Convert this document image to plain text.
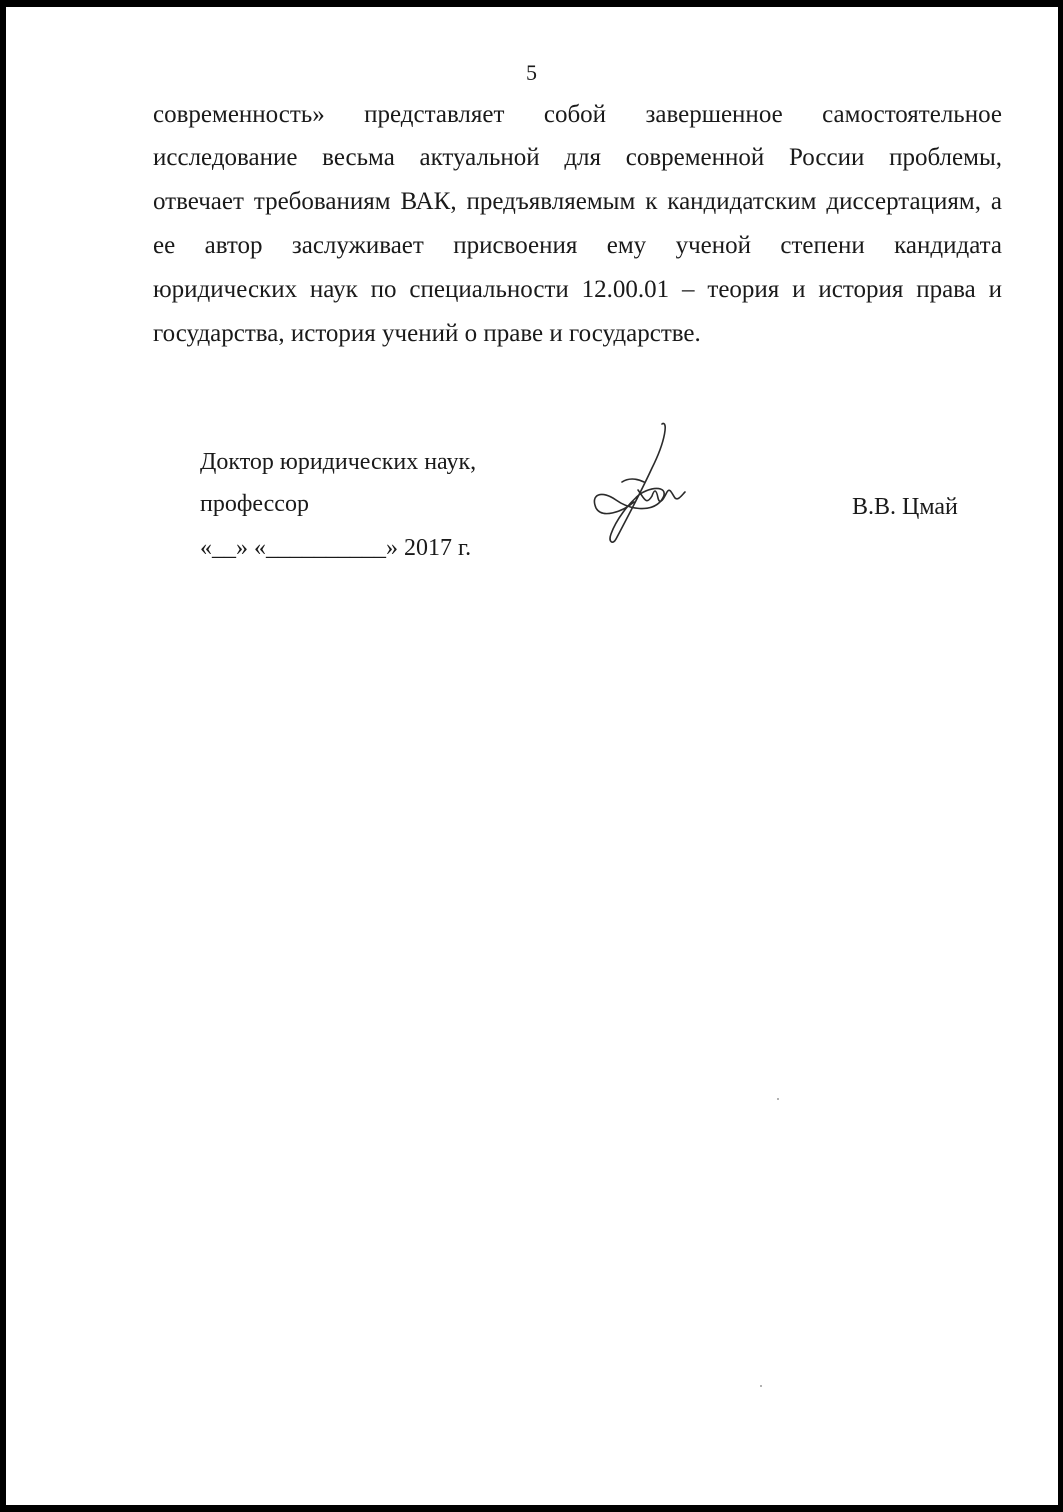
5
современность» представляет собой завершенное самостоятельное
исследование весьма актуальной для современной России проблемы,
отвечает требованиям ВАК, предъявляемым к кандидатским диссертациям, а
ее автор заслуживает присвоения ему ученой степени кандидата
юридических наук по специальности 12.00.01 – теория и история права и
государства, история учений о праве и государстве.
Доктор юридических наук,
профессор
«__» «__________» 2017 г.
В.В. Цмай
